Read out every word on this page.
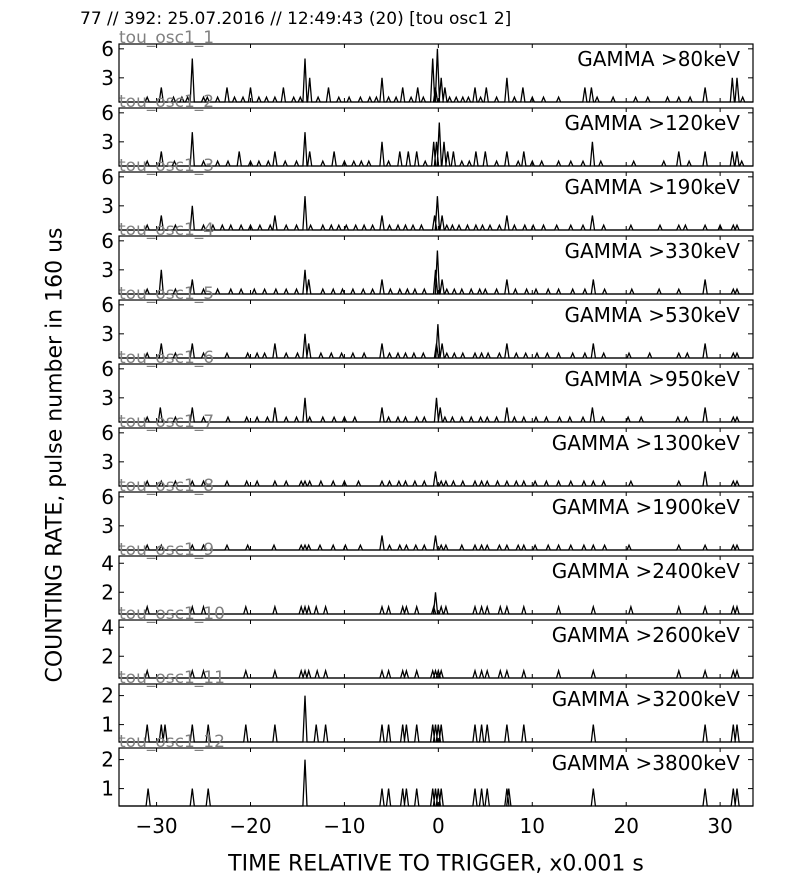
77 // 392: 25.07.2016 // 12:49:43 (20) [tou osc1 2]
COUNTING RATE, pulse number in 160 us
TIME RELATIVE TO TRIGGER, x0.001 s
3
6	GAMMA >80keV
tou_osc1_1
3
6	GAMMA >120keV
tou_osc1_2
3
6	GAMMA >190keV
tou_osc1_3
3
6	GAMMA >330keV
tou_osc1_4
3
6	GAMMA >530keV
tou_osc1_5
3
6	GAMMA >950keV
tou_osc1_6
3
6	GAMMA >1300keV
tou_osc1_7
3
6	GAMMA >1900keV
tou_osc1_8
2
4	GAMMA >2400keV
tou_osc1_9
2
4	GAMMA >2600keV
tou_osc1_10
1
2	GAMMA >3200keV
tou_osc1_11
1
2	GAMMA >3800keV
tou_osc1_12
−30	−20	−10	0	10	20	30
